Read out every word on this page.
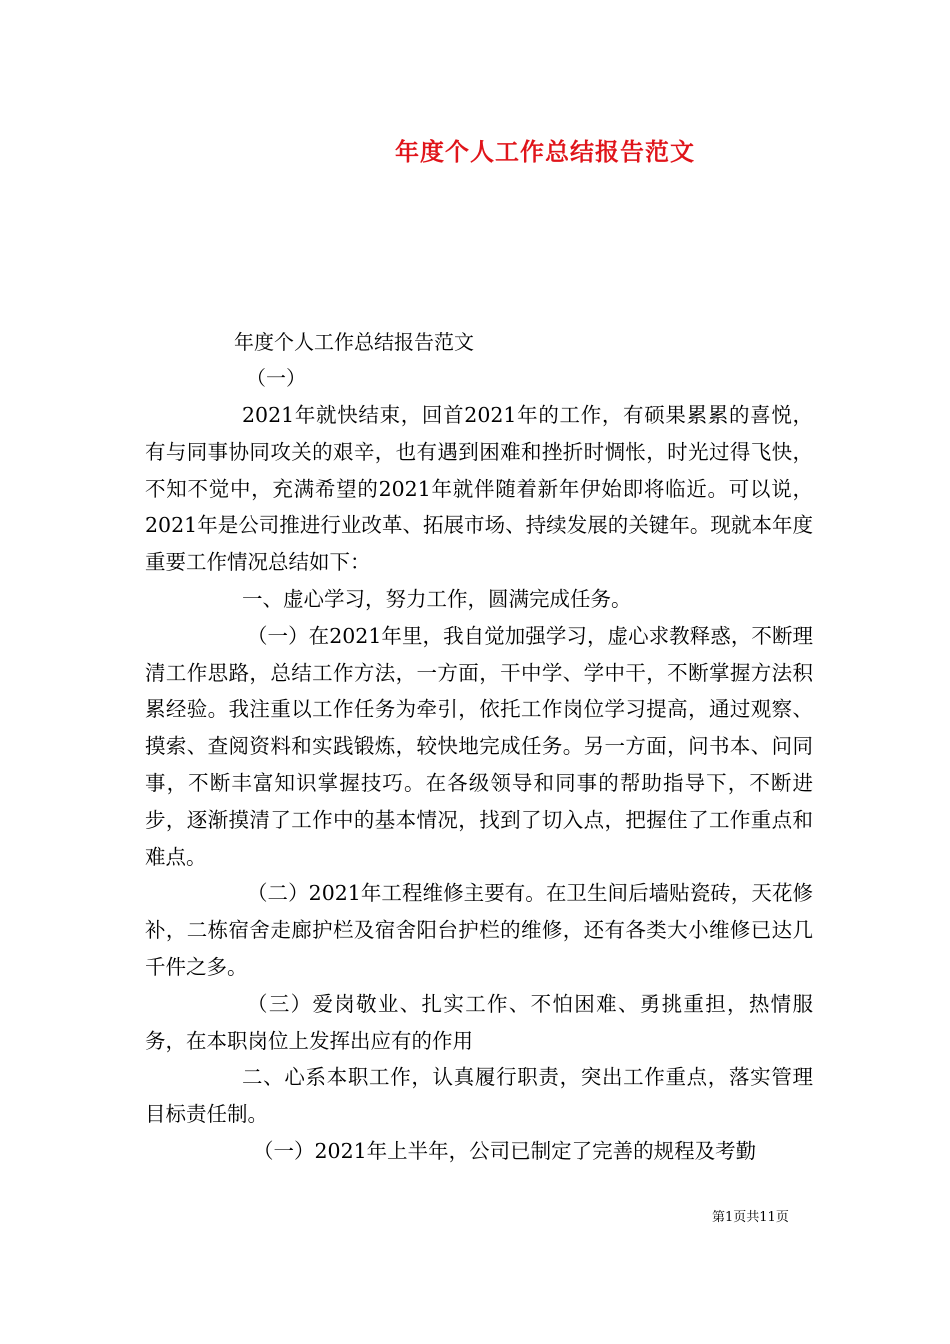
年度个人工作总结报告范文
年度个人工作总结报告范文
（一）

2021年就快结束，回首2021年的工作，有硕果累累的喜悦，有与同事协同攻关的艰辛，也有遇到困难和挫折时惆怅，时光过得飞快，不知不觉中，充满希望的2021年就伴随着新年伊始即将临近。可以说，2021年是公司推进行业改革、拓展市场、持续发展的关键年。现就本年度重要工作情况总结如下：

一、虚心学习，努力工作，圆满完成任务。

（一）在2021年里，我自觉加强学习，虚心求教释惑，不断理清工作思路，总结工作方法，一方面，干中学、学中干，不断掌握方法积累经验。我注重以工作任务为牵引，依托工作岗位学习提高，通过观察、摸索、查阅资料和实践锻炼，较快地完成任务。另一方面，问书本、问同事，不断丰富知识掌握技巧。在各级领导和同事的帮助指导下，不断进步，逐渐摸清了工作中的基本情况，找到了切入点，把握住了工作重点和难点。

（二）2021年工程维修主要有。在卫生间后墙贴瓷砖，天花修补，二栋宿舍走廊护栏及宿舍阳台护栏的维修，还有各类大小维修已达几千件之多。

（三）爱岗敬业、扎实工作、不怕困难、勇挑重担，热情服务，在本职岗位上发挥出应有的作用

二、心系本职工作，认真履行职责，突出工作重点，落实管理目标责任制。

（一）2021年上半年，公司已制定了完善的规程及考勤

第1页共11页
